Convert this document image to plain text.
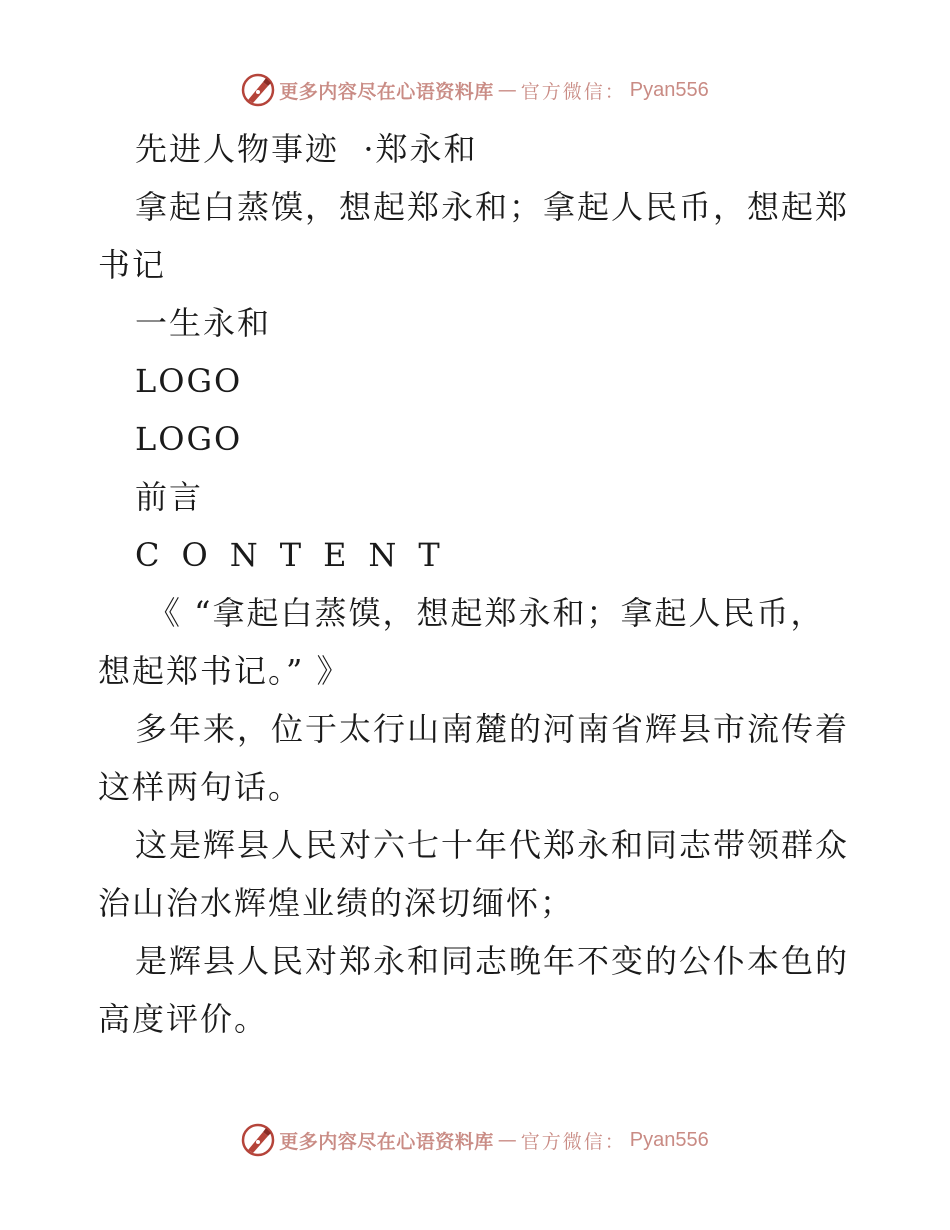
更多内容尽在心语资料库 — 官方微信： Pyan556

先进人物事迹  ·郑永和

拿起白蒸馍，想起郑永和；拿起人民币，想起郑书记

一生永和

LOGO

LOGO

前言

CONTENT

《 “拿起白蒸馍，想起郑永和；拿起人民币，想起郑书记。” 》

多年来，位于太行山南麓的河南省辉县市流传着这样两句话。

这是辉县人民对六七十年代郑永和同志带领群众治山治水辉煌业绩的深切缅怀；

是辉县人民对郑永和同志晚年不变的公仆本色的高度评价。

更多内容尽在心语资料库 — 官方微信： Pyan556
